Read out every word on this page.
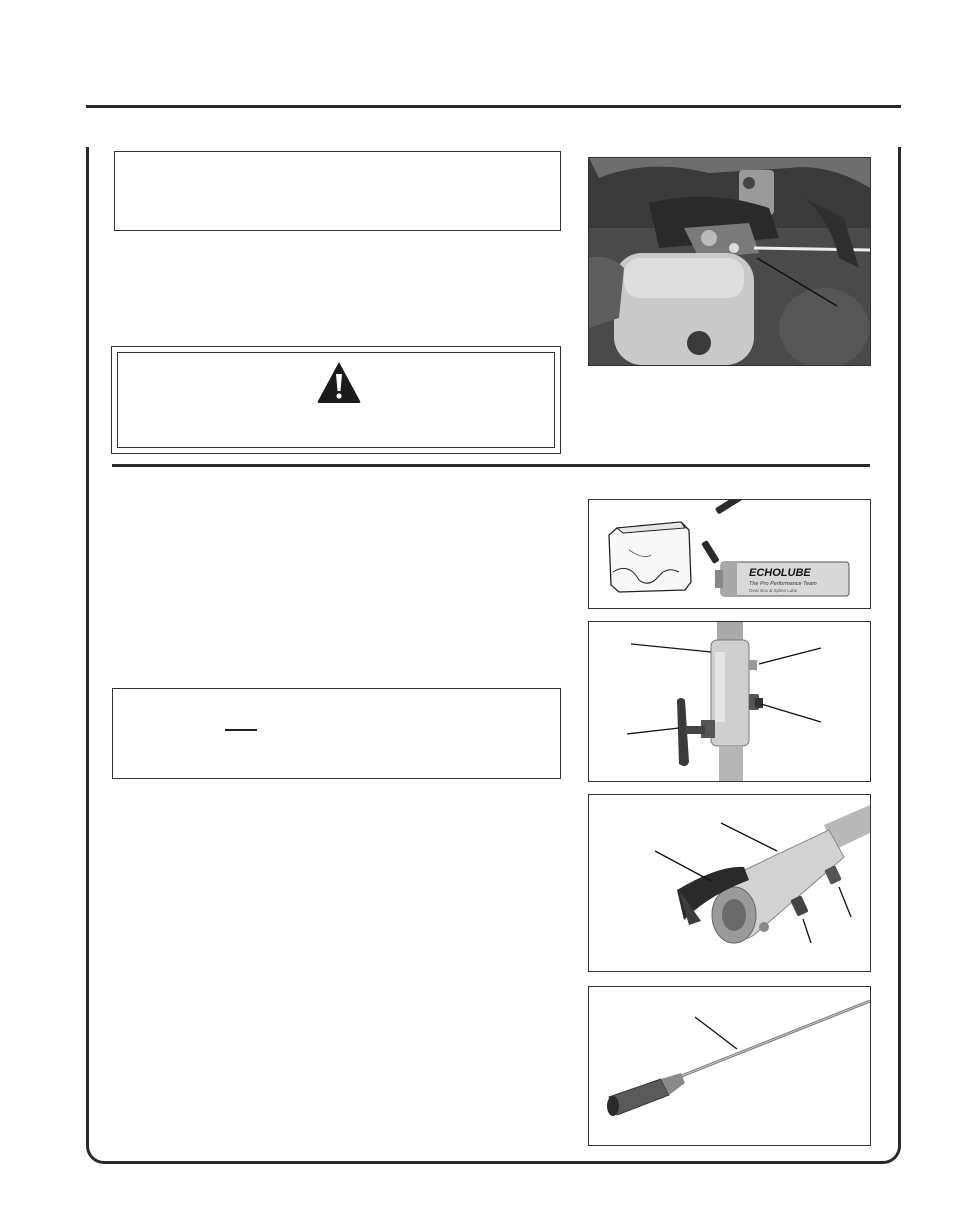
ECHOLUBE
The Pro Performance Team
Gear Box & Spline Lube
